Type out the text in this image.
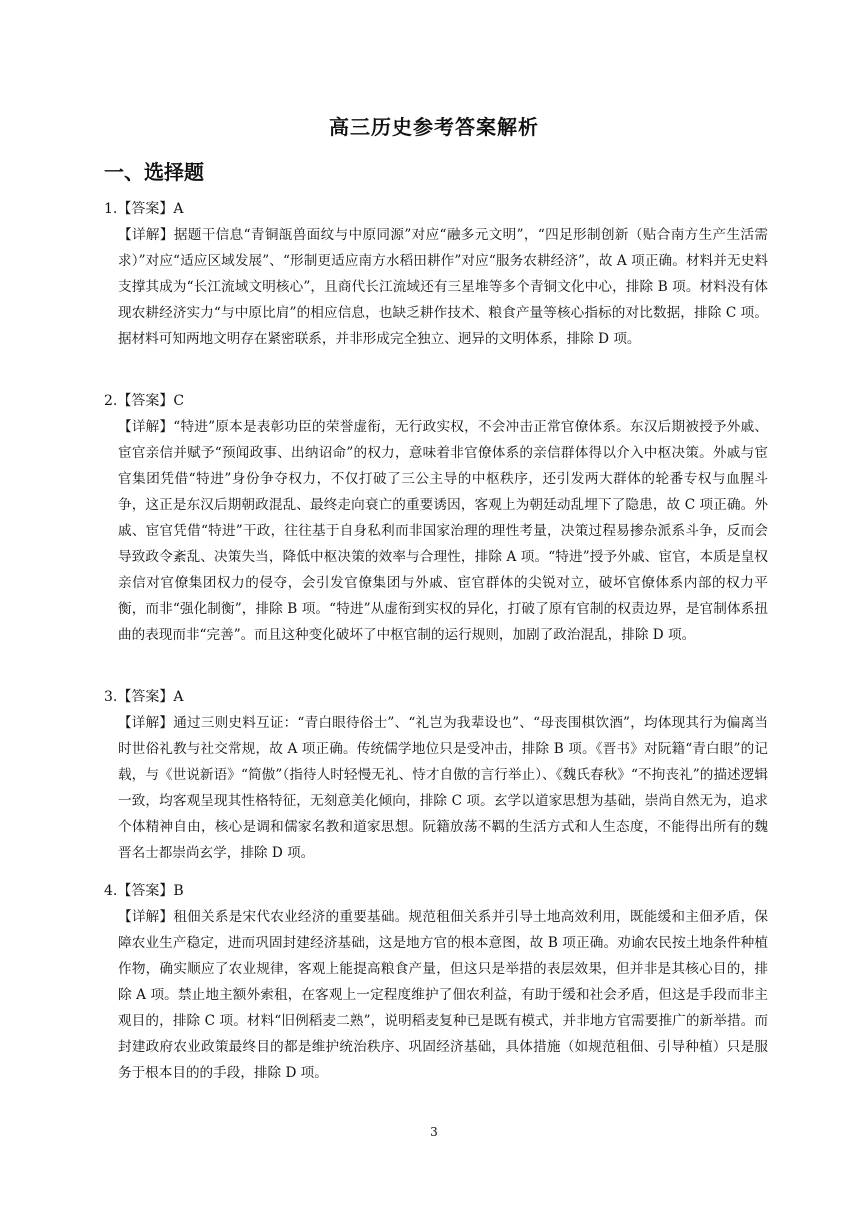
高三历史参考答案解析
一、选择题
1.【答案】A

【详解】据题干信息“青铜瓿兽面纹与中原同源”对应“融多元文明”，“四足形制创新（贴合南方生产生活需求）”对应“适应区域发展”、“形制更适应南方水稻田耕作”对应“服务农耕经济”，故 A 项正确。材料并无史料支撑其成为“长江流域文明核心”，且商代长江流域还有三星堆等多个青铜文化中心，排除 B 项。材料没有体现农耕经济实力“与中原比肩”的相应信息，也缺乏耕作技术、粮食产量等核心指标的对比数据，排除 C 项。据材料可知两地文明存在紧密联系，并非形成完全独立、迥异的文明体系，排除 D 项。

2.【答案】C

【详解】“特进”原本是表彰功臣的荣誉虚衔，无行政实权，不会冲击正常官僚体系。东汉后期被授予外戚、宦官亲信并赋予“预闻政事、出纳诏命”的权力，意味着非官僚体系的亲信群体得以介入中枢决策。外戚与宦官集团凭借“特进”身份争夺权力，不仅打破了三公主导的中枢秩序，还引发两大群体的轮番专权与血腥斗争，这正是东汉后期朝政混乱、最终走向衰亡的重要诱因，客观上为朝廷动乱埋下了隐患，故 C 项正确。外戚、宦官凭借“特进”干政，往往基于自身私利而非国家治理的理性考量，决策过程易掺杂派系斗争，反而会导致政令紊乱、决策失当，降低中枢决策的效率与合理性，排除 A 项。“特进”授予外戚、宦官，本质是皇权亲信对官僚集团权力的侵夺，会引发官僚集团与外戚、宦官群体的尖锐对立，破坏官僚体系内部的权力平衡，而非“强化制衡”，排除 B 项。“特进”从虚衔到实权的异化，打破了原有官制的权责边界，是官制体系扭曲的表现而非“完善”。而且这种变化破坏了中枢官制的运行规则，加剧了政治混乱，排除 D 项。

3.【答案】A

【详解】通过三则史料互证：“青白眼待俗士”、“礼岂为我辈设也”、“母丧围棋饮酒”，均体现其行为偏离当时世俗礼教与社交常规，故 A 项正确。传统儒学地位只是受冲击，排除 B 项。《晋书》对阮籍“青白眼”的记载，与《世说新语》“简傲”（指待人时轻慢无礼、恃才自傲的言行举止）、《魏氏春秋》“不拘丧礼”的描述逻辑一致，均客观呈现其性格特征，无刻意美化倾向，排除 C 项。玄学以道家思想为基础，崇尚自然无为，追求个体精神自由，核心是调和儒家名教和道家思想。阮籍放荡不羁的生活方式和人生态度，不能得出所有的魏晋名士都崇尚玄学，排除 D 项。

4.【答案】B

【详解】租佃关系是宋代农业经济的重要基础。规范租佃关系并引导土地高效利用，既能缓和主佃矛盾，保障农业生产稳定，进而巩固封建经济基础，这是地方官的根本意图，故 B 项正确。劝谕农民按土地条件种植作物，确实顺应了农业规律，客观上能提高粮食产量，但这只是举措的表层效果，但并非是其核心目的，排除 A 项。禁止地主额外索租，在客观上一定程度维护了佃农利益，有助于缓和社会矛盾，但这是手段而非主观目的，排除 C 项。材料“旧例稻麦二熟”，说明稻麦复种已是既有模式，并非地方官需要推广的新举措。而封建政府农业政策最终目的都是维护统治秩序、巩固经济基础，具体措施（如规范租佃、引导种植）只是服务于根本目的的手段，排除 D 项。

3
